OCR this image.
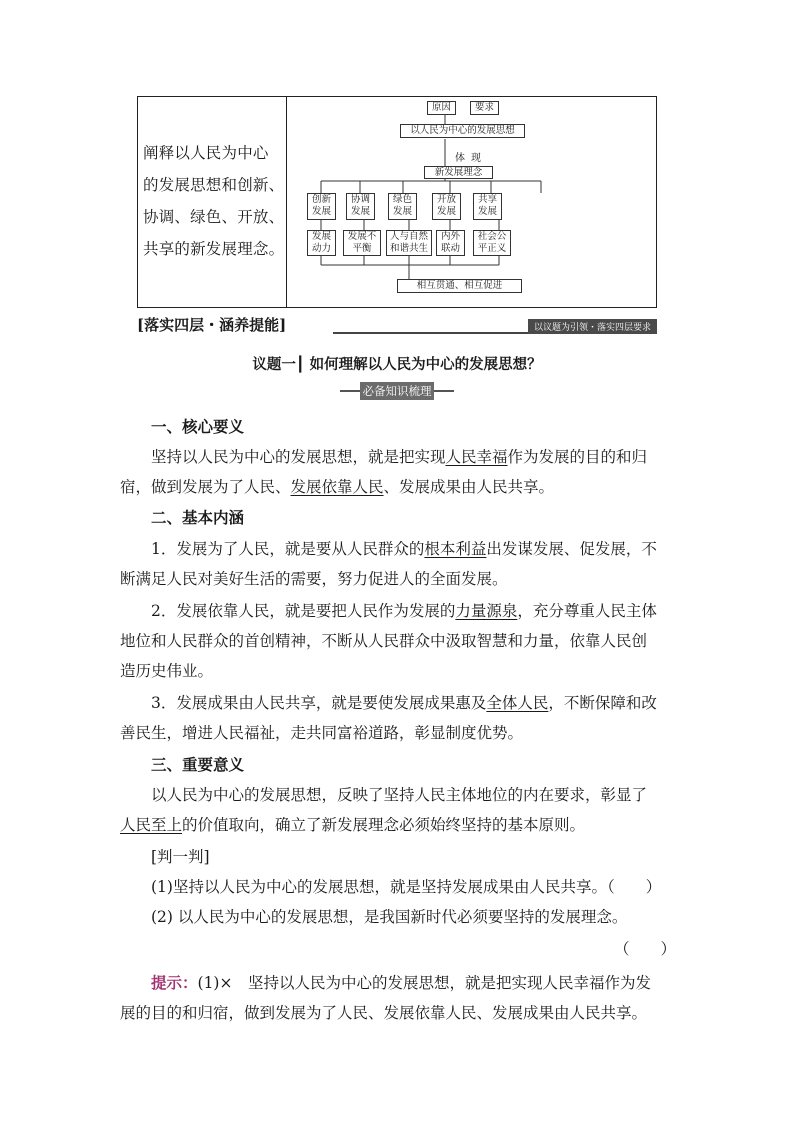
阐释以人民为中心
的发展思想和创新、
协调、绿色、开放、
共享的新发展理念。
原因	要求
以人民为中心的发展思想
体现
新发展理念
创新
发展
协调
发展
绿色
发展
开放
发展
共享
发展
发展
动力
发展不
平衡
人与自然
和谐共生
内外
联动
社会公
平正义
相互贯通、相互促进
[落实四层・涵养提能]	以议题为引领・落实四层要求
议题一┃ 如何理解以人民为中心的发展思想？
必备知识梳理
一、核心要义
坚持以人民为中心的发展思想，就是把实现人民幸福作为发展的目的和归
宿，做到发展为了人民、发展依靠人民、发展成果由人民共享。
二、基本内涵
1．发展为了人民，就是要从人民群众的根本利益出发谋发展、促发展，不
断满足人民对美好生活的需要，努力促进人的全面发展。
2．发展依靠人民，就是要把人民作为发展的力量源泉，充分尊重人民主体
地位和人民群众的首创精神，不断从人民群众中汲取智慧和力量，依靠人民创
造历史伟业。
3．发展成果由人民共享，就是要使发展成果惠及全体人民，不断保障和改
善民生，增进人民福祉，走共同富裕道路，彰显制度优势。
三、重要意义
以人民为中心的发展思想，反映了坚持人民主体地位的内在要求，彰显了
人民至上的价值取向，确立了新发展理念必须始终坚持的基本原则。
[判一判]
(1)坚持以人民为中心的发展思想，就是坚持发展成果由人民共享。（　　）
(2) 以人民为中心的发展思想，是我国新时代必须要坚持的发展理念。
（　　）
提示：(1)×　坚持以人民为中心的发展思想，就是把实现人民幸福作为发
展的目的和归宿，做到发展为了人民、发展依靠人民、发展成果由人民共享。
